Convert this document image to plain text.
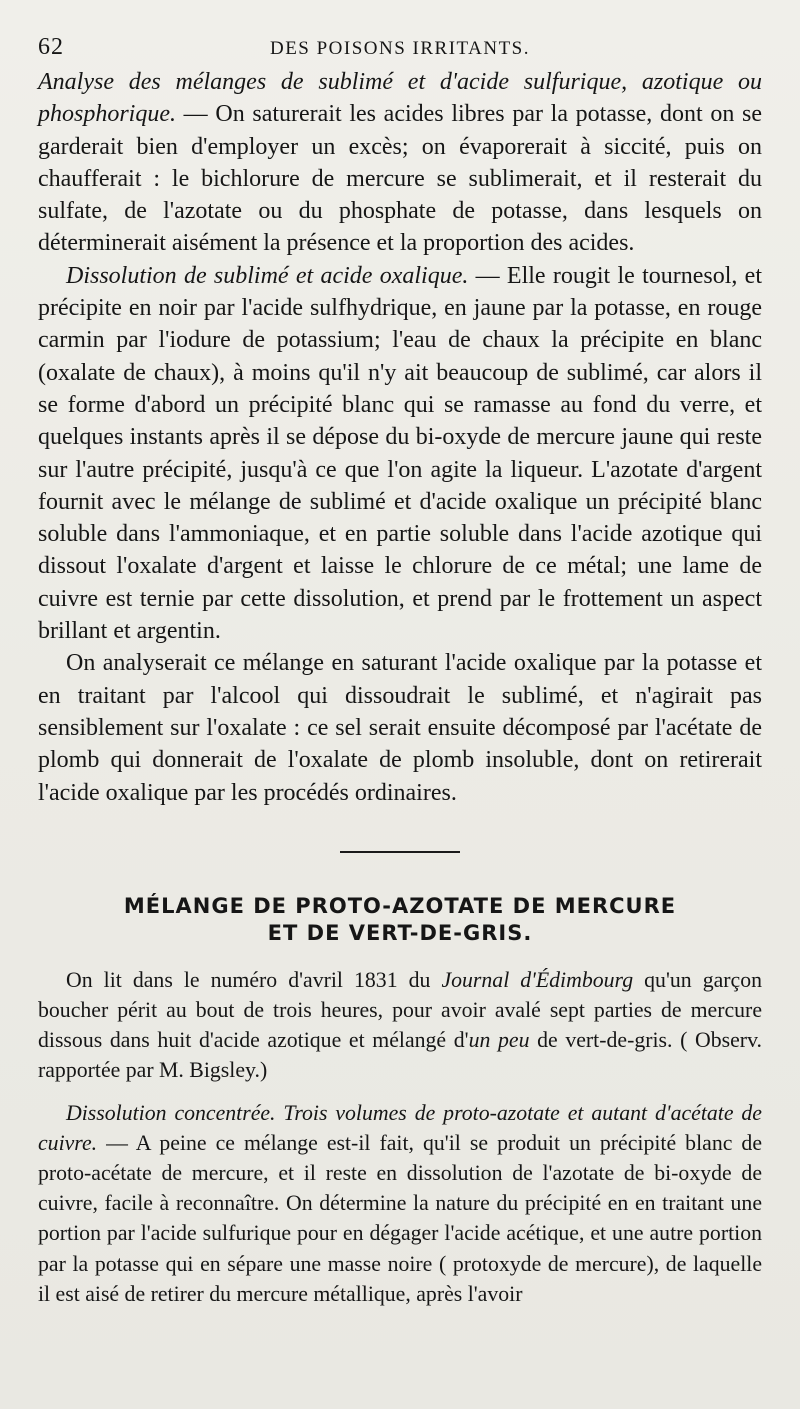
62	DES POISONS IRRITANTS.

Analyse des mélanges de sublimé et d'acide sulfurique, azotique ou phosphorique. — On saturerait les acides libres par la potasse, dont on se garderait bien d'employer un excès; on évaporerait à siccité, puis on chaufferait : le bichlorure de mercure se sublimerait, et il resterait du sulfate, de l'azotate ou du phosphate de potasse, dans lesquels on déterminerait aisément la présence et la proportion des acides.

Dissolution de sublimé et acide oxalique. — Elle rougit le tournesol, et précipite en noir par l'acide sulfhydrique, en jaune par la potasse, en rouge carmin par l'iodure de potassium; l'eau de chaux la précipite en blanc (oxalate de chaux), à moins qu'il n'y ait beaucoup de sublimé, car alors il se forme d'abord un précipité blanc qui se ramasse au fond du verre, et quelques instants après il se dépose du bi-oxyde de mercure jaune qui reste sur l'autre précipité, jusqu'à ce que l'on agite la liqueur. L'azotate d'argent fournit avec le mélange de sublimé et d'acide oxalique un précipité blanc soluble dans l'ammoniaque, et en partie soluble dans l'acide azotique qui dissout l'oxalate d'argent et laisse le chlorure de ce métal; une lame de cuivre est ternie par cette dissolution, et prend par le frottement un aspect brillant et argentin.

On analyserait ce mélange en saturant l'acide oxalique par la potasse et en traitant par l'alcool qui dissoudrait le sublimé, et n'agirait pas sensiblement sur l'oxalate : ce sel serait ensuite décomposé par l'acétate de plomb qui donnerait de l'oxalate de plomb insoluble, dont on retirerait l'acide oxalique par les procédés ordinaires.

MÉLANGE DE PROTO-AZOTATE DE MERCURE
ET DE VERT-DE-GRIS.

On lit dans le numéro d'avril 1831 du Journal d'Édimbourg qu'un garçon boucher périt au bout de trois heures, pour avoir avalé sept parties de mercure dissous dans huit d'acide azotique et mélangé d'un peu de vert-de-gris. ( Observ. rapportée par M. Bigsley.)

Dissolution concentrée. Trois volumes de proto-azotate et autant d'acétate de cuivre. — A peine ce mélange est-il fait, qu'il se produit un précipité blanc de proto-acétate de mercure, et il reste en dissolution de l'azotate de bi-oxyde de cuivre, facile à reconnaître. On détermine la nature du précipité en en traitant une portion par l'acide sulfurique pour en dégager l'acide acétique, et une autre portion par la potasse qui en sépare une masse noire ( protoxyde de mercure), de laquelle il est aisé de retirer du mercure métallique, après l'avoir
